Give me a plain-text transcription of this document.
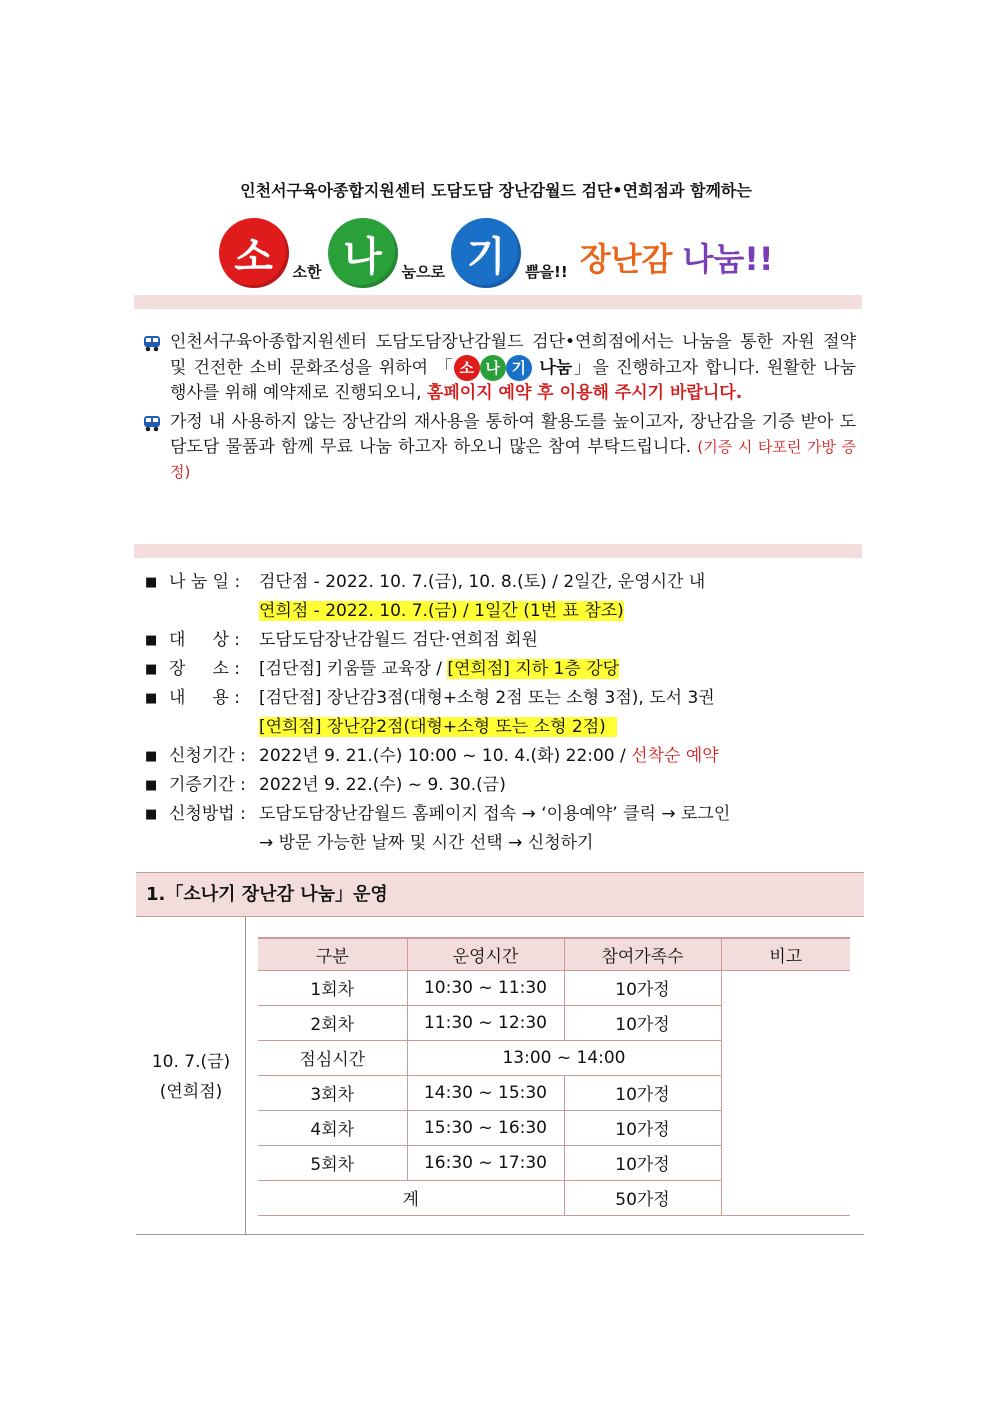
인천서구육아종합지원센터 도담도담 장난감월드 검단•연희점과 함께하는
소	소한 나	눔으로 기	쁨을!! 장난감 나눔!!
인천서구육아종합지원센터 도담도담장난감월드 검단•연희점에서는 나눔을 통한 자원 절약 및 건전한 소비 문화조성을 위하여 「 소 나 기 나눔」을 진행하고자 합니다. 원활한 나눔 행사를 위해 예약제로 진행되오니, 홈페이지 예약 후 이용해 주시기 바랍니다.
가정 내 사용하지 않는 장난감의 재사용을 통하여 활용도를 높이고자, 장난감을 기증 받아 도담도담 물품과 함께 무료 나눔 하고자 하오니 많은 참여 부탁드립니다. (기증 시 타포린 가방 증정)
■ 나 눔 일 : 검단점 - 2022. 10. 7.(금), 10. 8.(토) / 2일간, 운영시간 내
연희점 - 2022. 10. 7.(금) / 1일간 (1번 표 참조)
■ 대     상 : 도담도담장난감월드 검단·연희점 회원
■ 장     소 : [검단점] 키움뜰 교육장 / [연희점] 지하 1층 강당
■ 내     용 : [검단점] 장난감3점(대형+소형 2점 또는 소형 3점), 도서 3권
[연희점] 장난감2점(대형+소형 또는 소형 2점)
■ 신청기간 : 2022년 9. 21.(수) 10:00 ~ 10. 4.(화) 22:00 / 선착순 예약
■ 기증기간 : 2022년 9. 22.(수) ~ 9. 30.(금)
■ 신청방법 : 도담도담장난감월드 홈페이지 접속 → ‘이용예약’ 클릭 → 로그인
→ 방문 가능한 날짜 및 시간 선택 → 신청하기
1.「소나기 장난감 나눔」운영
10. 7.(금)
(연희점)
구분	운영시간	참여가족수	비고
1회차	10:30 ~ 11:30	10가정	
2회차	11:30 ~ 12:30	10가정	
점심시간	13:00 ~ 14:00		
3회차	14:30 ~ 15:30	10가정	
4회차	15:30 ~ 16:30	10가정	
5회차	16:30 ~ 17:30	10가정	
계		50가정	
